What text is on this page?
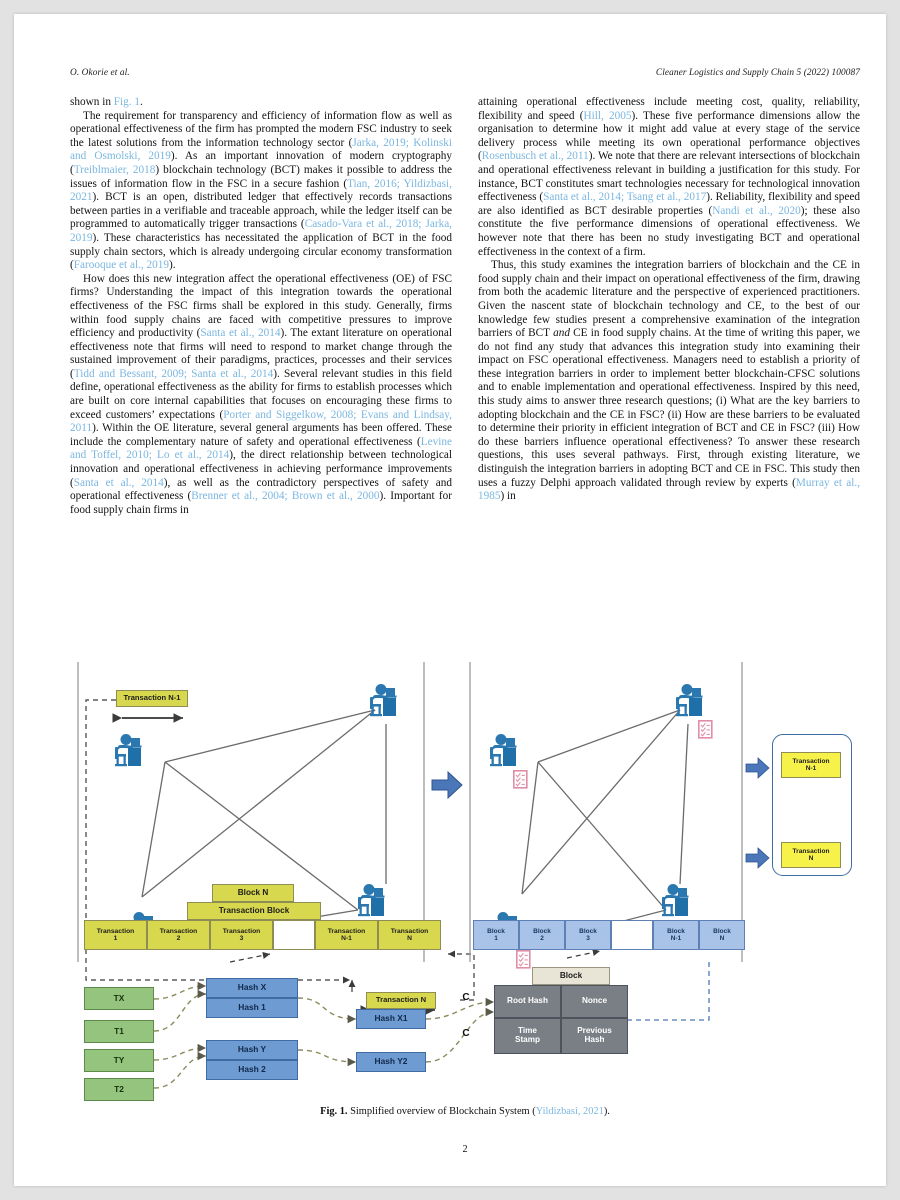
O. Okorie et al.	Cleaner Logistics and Supply Chain 5 (2022) 100087

shown in Fig. 1.

The requirement for transparency and efficiency of information flow as well as operational effectiveness of the firm has prompted the modern FSC industry to seek the latest solutions from the information technology sector (Jarka, 2019; Kolinski and Osmolski, 2019). As an important innovation of modern cryptography (Treiblmaier, 2018) blockchain technology (BCT) makes it possible to address the issues of information flow in the FSC in a secure fashion (Tian, 2016; Yildizbasi, 2021). BCT is an open, distributed ledger that effectively records transactions between parties in a verifiable and traceable approach, while the ledger itself can be programmed to automatically trigger transactions (Casado-Vara et al., 2018; Jarka, 2019). These characteristics has necessitated the application of BCT in the food supply chain sectors, which is already undergoing circular economy transformation (Farooque et al., 2019).

How does this new integration affect the operational effectiveness (OE) of FSC firms? Understanding the impact of this integration towards the operational effectiveness of the FSC firms shall be explored in this study. Generally, firms within food supply chains are faced with competitive pressures to improve efficiency and productivity (Santa et al., 2014). The extant literature on operational effectiveness note that firms will need to respond to market change through the sustained improvement of their paradigms, practices, processes and their services (Tidd and Bessant, 2009; Santa et al., 2014). Several relevant studies in this field define, operational effectiveness as the ability for firms to establish processes which are built on core internal capabilities that focuses on encouraging these firms to exceed customers’ expectations (Porter and Siggelkow, 2008; Evans and Lindsay, 2011). Within the OE literature, several general arguments has been offered. These include the complementary nature of safety and operational effectiveness (Levine and Toffel, 2010; Lo et al., 2014), the direct relationship between technological innovation and operational effectiveness in achieving performance improvements (Santa et al., 2014), as well as the contradictory perspectives of safety and operational effectiveness (Brenner et al., 2004; Brown et al., 2000). Important for food supply chain firms in

attaining operational effectiveness include meeting cost, quality, reliability, flexibility and speed (Hill, 2005). These five performance dimensions allow the organisation to determine how it might add value at every stage of the service delivery process while meeting its own operational performance objectives (Rosenbusch et al., 2011). We note that there are relevant intersections of blockchain and operational effectiveness relevant in building a justification for this study. For instance, BCT constitutes smart technologies necessary for technological innovation effectiveness (Santa et al., 2014; Tsang et al., 2017). Reliability, flexibility and speed are also identified as BCT desirable properties (Nandi et al., 2020); these also constitute the five performance dimensions of operational effectiveness. We however note that there has been no study investigating BCT and operational effectiveness in the context of a firm.

Thus, this study examines the integration barriers of blockchain and the CE in food supply chain and their impact on operational effectiveness of the firm, drawing from both the academic literature and the perspective of experienced practitioners. Given the nascent state of blockchain technology and CE, to the best of our knowledge few studies present a comprehensive examination of the integration barriers of BCT and CE in food supply chains. At the time of writing this paper, we do not find any study that advances this integration study into examining their impact on FSC operational effectiveness. Managers need to establish a priority of these integration barriers in order to implement better blockchain-CFSC solutions and to enable implementation and operational effectiveness. Inspired by this need, this study aims to answer three research questions; (i) What are the key barriers to adopting blockchain and the CE in FSC? (ii) How are these barriers to be evaluated to determine their priority in efficient integration of BCT and CE in FSC? (iii) How do these barriers influence operational effectiveness? To answer these research questions, this uses several pathways. First, through existing literature, we distinguish the integration barriers in adopting BCT and CE in FSC. This study then uses a fuzzy Delphi approach validated through review by experts (Murray et al., 1985) in

Transaction N-1
Transaction N
Block N
Transaction Block
Transaction
1
Transaction
2
Transaction
3
Transaction
N-1
Transaction
N
Block
1
Block
2
Block
3
Block
N-1
Block
N
Transaction
N-1
Transaction
N
TX
T1
TY
T2
Hash X
Hash 1
Hash Y
Hash 2
Hash X1
Hash Y2
C
C
Block
Root Hash	Nonce
Time
Stamp
Previous
Hash
Fig. 1. Simplified overview of Blockchain System (Yildizbasi, 2021).
2
